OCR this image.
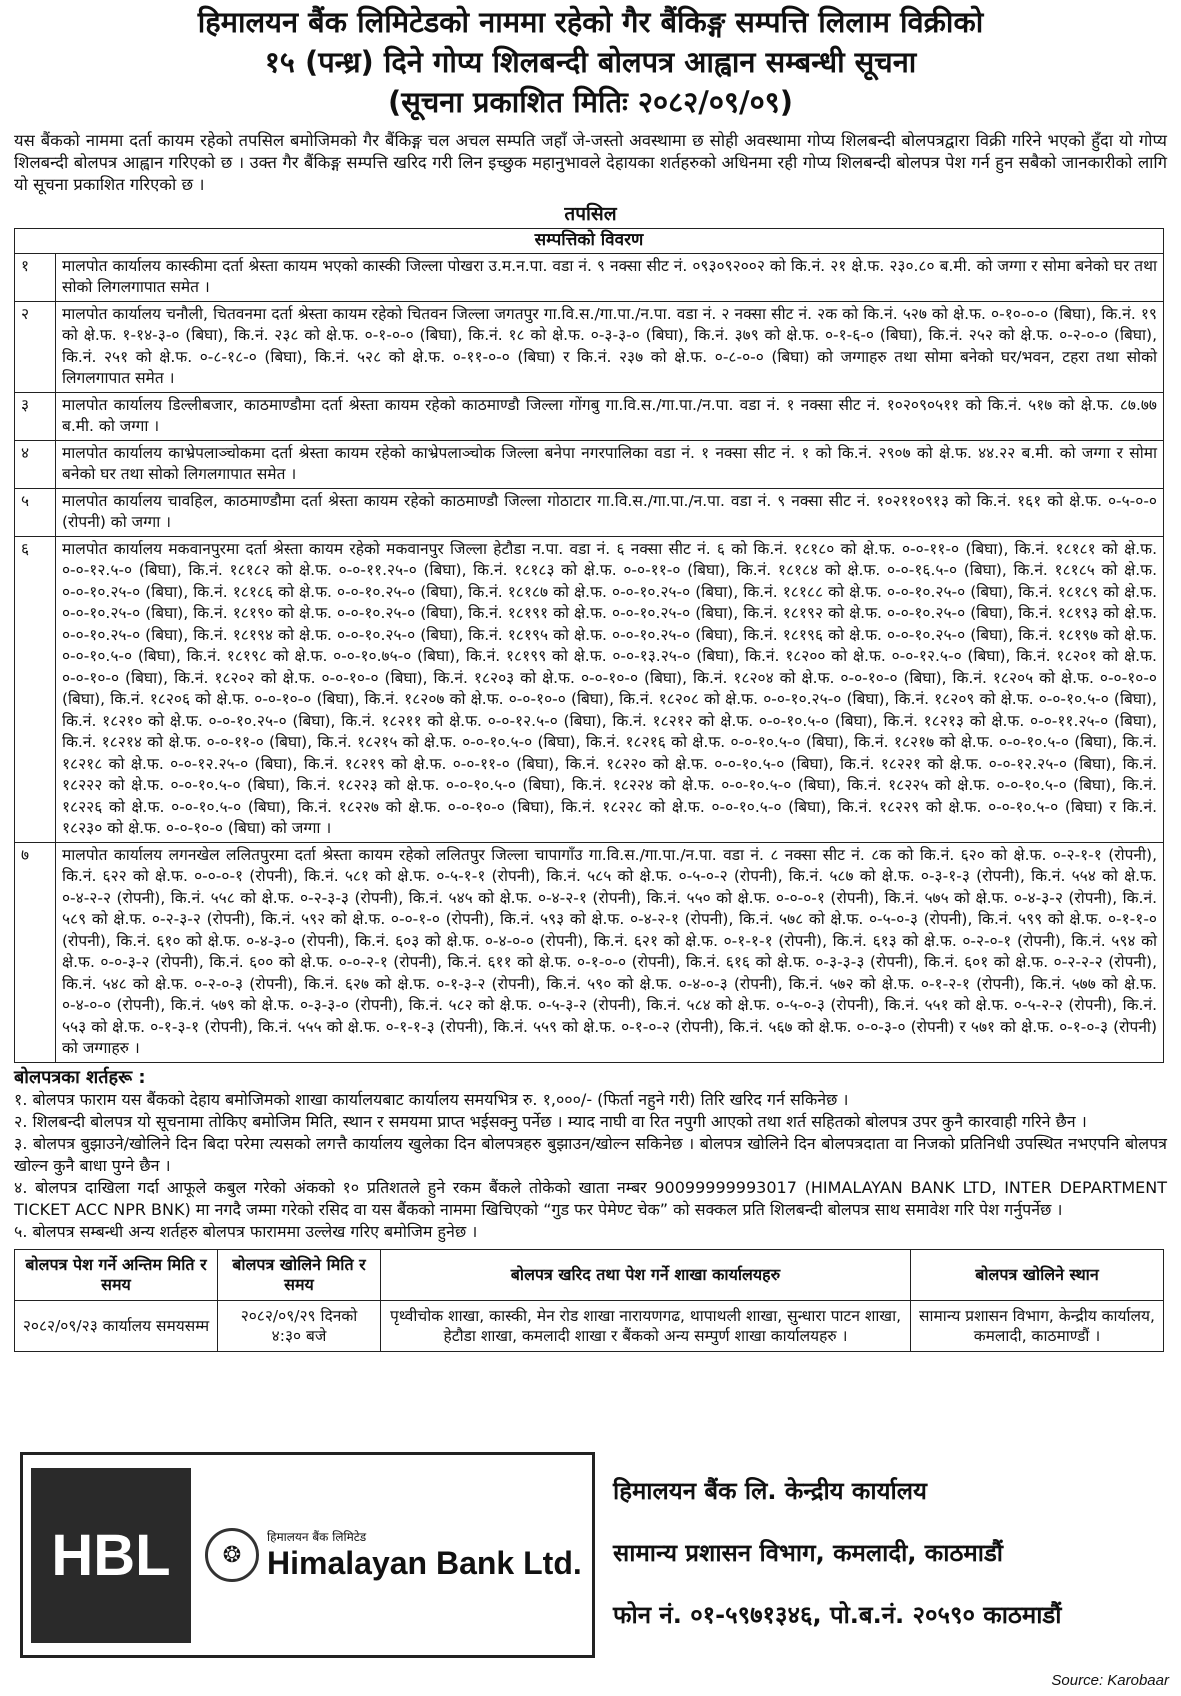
हिमालयन बैंक लिमिटेडको नाममा रहेको गैर बैंकिङ्ग सम्पत्ति लिलाम विक्रीको
१५ (पन्ध्र) दिने गोप्य शिलबन्दी बोलपत्र आह्वान सम्बन्धी सूचना
(सूचना प्रकाशित मितिः २०८२/०९/०९)
यस बैंकको नाममा दर्ता कायम रहेको तपसिल बमोजिमको गैर बैंकिङ्ग चल अचल सम्पति जहाँ जे-जस्तो अवस्थामा छ सोही अवस्थामा गोप्य शिलबन्दी बोलपत्रद्वारा विक्री गरिने भएको हुँदा यो गोप्य शिलबन्दी बोलपत्र आह्वान गरिएको छ । उक्त गैर बैंकिङ्ग सम्पत्ति खरिद गरी लिन इच्छुक महानुभावले देहायका शर्तहरुको अधिनमा रही गोप्य शिलबन्दी बोलपत्र पेश गर्न हुन सबैको जानकारीको लागि यो सूचना प्रकाशित गरिएको छ ।
तपसिल
सम्पत्तिको विवरण	
१	मालपोत कार्यालय कास्कीमा दर्ता श्रेस्ता कायम भएको कास्की जिल्ला पोखरा उ.म.न.पा. वडा नं. ९ नक्सा सीट नं. ०९३०९२००२ को कि.नं. २१ क्षे.फ. २३०.८० ब.मी. को जग्गा र सोमा बनेको घर तथा सोको लिगलगापात समेत ।
२	मालपोत कार्यालय चनौली, चितवनमा दर्ता श्रेस्ता कायम रहेको चितवन जिल्ला जगतपुर गा.वि.स./गा.पा./न.पा. वडा नं. २ नक्सा सीट नं. २क को कि.नं. ५२७ को क्षे.फ. ०-१०-०-० (बिघा), कि.नं. १९ को क्षे.फ. १-१४-३-० (बिघा), कि.नं. २३८ को क्षे.फ. ०-१-०-० (बिघा), कि.नं. १८ को क्षे.फ. ०-३-३-० (बिघा), कि.नं. ३७९ को क्षे.फ. ०-१-६-० (बिघा), कि.नं. २५२ को क्षे.फ. ०-२-०-० (बिघा), कि.नं. २५१ को क्षे.फ. ०-८-१८-० (बिघा), कि.नं. ५२८ को क्षे.फ. ०-११-०-० (बिघा) र कि.नं. २३७ को क्षे.फ. ०-८-०-० (बिघा) को जग्गाहरु तथा सोमा बनेको घर/भवन, टहरा तथा सोको लिगलगापात समेत ।
३	मालपोत कार्यालय डिल्लीबजार, काठमाण्डौमा दर्ता श्रेस्ता कायम रहेको काठमाण्डौ जिल्ला गोंगबु गा.वि.स./गा.पा./न.पा. वडा नं. १ नक्सा सीट नं. १०२०९०५११ को कि.नं. ५१७ को क्षे.फ. ८७.७७ ब.मी. को जग्गा ।
४	मालपोत कार्यालय काभ्रेपलाञ्चोकमा दर्ता श्रेस्ता कायम रहेको काभ्रेपलाञ्चोक जिल्ला बनेपा नगरपालिका वडा नं. १ नक्सा सीट नं. १ को कि.नं. २९०७ को क्षे.फ. ४४.२२ ब.मी. को जग्गा र सोमा बनेको घर तथा सोको लिगलगापात समेत ।
५	मालपोत कार्यालय चावहिल, काठमाण्डौमा दर्ता श्रेस्ता कायम रहेको काठमाण्डौ जिल्ला गोठाटार गा.वि.स./गा.पा./न.पा. वडा नं. ९ नक्सा सीट नं. १०२११०९१३ को कि.नं. १६१ को क्षे.फ. ०-५-०-० (रोपनी) को जग्गा ।
६	मालपोत कार्यालय मकवानपुरमा दर्ता श्रेस्ता कायम रहेको मकवानपुर जिल्ला हेटौडा न.पा. वडा नं. ६ नक्सा सीट नं. ६ को कि.नं. १८१८० को क्षे.फ. ०-०-११-० (बिघा), कि.नं. १८१८१ को क्षे.फ. ०-०-१२.५-० (बिघा), कि.नं. १८१८२ को क्षे.फ. ०-०-११.२५-० (बिघा), कि.नं. १८१८३ को क्षे.फ. ०-०-११-० (बिघा), कि.नं. १८१८४ को क्षे.फ. ०-०-१६.५-० (बिघा), कि.नं. १८१८५ को क्षे.फ. ०-०-१०.२५-० (बिघा), कि.नं. १८१८६ को क्षे.फ. ०-०-१०.२५-० (बिघा), कि.नं. १८१८७ को क्षे.फ. ०-०-१०.२५-० (बिघा), कि.नं. १८१८८ को क्षे.फ. ०-०-१०.२५-० (बिघा), कि.नं. १८१८९ को क्षे.फ. ०-०-१०.२५-० (बिघा), कि.नं. १८१९० को क्षे.फ. ०-०-१०.२५-० (बिघा), कि.नं. १८१९१ को क्षे.फ. ०-०-१०.२५-० (बिघा), कि.नं. १८१९२ को क्षे.फ. ०-०-१०.२५-० (बिघा), कि.नं. १८१९३ को क्षे.फ. ०-०-१०.२५-० (बिघा), कि.नं. १८१९४ को क्षे.फ. ०-०-१०.२५-० (बिघा), कि.नं. १८१९५ को क्षे.फ. ०-०-१०.२५-० (बिघा), कि.नं. १८१९६ को क्षे.फ. ०-०-१०.२५-० (बिघा), कि.नं. १८१९७ को क्षे.फ. ०-०-१०.५-० (बिघा), कि.नं. १८१९८ को क्षे.फ. ०-०-१०.७५-० (बिघा), कि.नं. १८१९९ को क्षे.फ. ०-०-१३.२५-० (बिघा), कि.नं. १८२०० को क्षे.फ. ०-०-१२.५-० (बिघा), कि.नं. १८२०१ को क्षे.फ. ०-०-१०-० (बिघा), कि.नं. १८२०२ को क्षे.फ. ०-०-१०-० (बिघा), कि.नं. १८२०३ को क्षे.फ. ०-०-१०-० (बिघा), कि.नं. १८२०४ को क्षे.फ. ०-०-१०-० (बिघा), कि.नं. १८२०५ को क्षे.फ. ०-०-१०-० (बिघा), कि.नं. १८२०६ को क्षे.फ. ०-०-१०-० (बिघा), कि.नं. १८२०७ को क्षे.फ. ०-०-१०-० (बिघा), कि.नं. १८२०८ को क्षे.फ. ०-०-१०.२५-० (बिघा), कि.नं. १८२०९ को क्षे.फ. ०-०-१०.५-० (बिघा), कि.नं. १८२१० को क्षे.फ. ०-०-१०.२५-० (बिघा), कि.नं. १८२११ को क्षे.फ. ०-०-१२.५-० (बिघा), कि.नं. १८२१२ को क्षे.फ. ०-०-१०.५-० (बिघा), कि.नं. १८२१३ को क्षे.फ. ०-०-११.२५-० (बिघा), कि.नं. १८२१४ को क्षे.फ. ०-०-११-० (बिघा), कि.नं. १८२१५ को क्षे.फ. ०-०-१०.५-० (बिघा), कि.नं. १८२१६ को क्षे.फ. ०-०-१०.५-० (बिघा), कि.नं. १८२१७ को क्षे.फ. ०-०-१०.५-० (बिघा), कि.नं. १८२१८ को क्षे.फ. ०-०-१२.२५-० (बिघा), कि.नं. १८२१९ को क्षे.फ. ०-०-११-० (बिघा), कि.नं. १८२२० को क्षे.फ. ०-०-१०.५-० (बिघा), कि.नं. १८२२१ को क्षे.फ. ०-०-१२.२५-० (बिघा), कि.नं. १८२२२ को क्षे.फ. ०-०-१०.५-० (बिघा), कि.नं. १८२२३ को क्षे.फ. ०-०-१०.५-० (बिघा), कि.नं. १८२२४ को क्षे.फ. ०-०-१०.५-० (बिघा), कि.नं. १८२२५ को क्षे.फ. ०-०-१०.५-० (बिघा), कि.नं. १८२२६ को क्षे.फ. ०-०-१०.५-० (बिघा), कि.नं. १८२२७ को क्षे.फ. ०-०-१०-० (बिघा), कि.नं. १८२२८ को क्षे.फ. ०-०-१०.५-० (बिघा), कि.नं. १८२२९ को क्षे.फ. ०-०-१०.५-० (बिघा) र कि.नं. १८२३० को क्षे.फ. ०-०-१०-० (बिघा) को जग्गा ।
७	मालपोत कार्यालय लगनखेल ललितपुरमा दर्ता श्रेस्ता कायम रहेको ललितपुर जिल्ला चापागाँउ गा.वि.स./गा.पा./न.पा. वडा नं. ८ नक्सा सीट नं. ८क को कि.नं. ६२० को क्षे.फ. ०-२-१-१ (रोपनी), कि.नं. ६२२ को क्षे.फ. ०-०-०-१ (रोपनी), कि.नं. ५८१ को क्षे.फ. ०-५-१-१ (रोपनी), कि.नं. ५८५ को क्षे.फ. ०-५-०-२ (रोपनी), कि.नं. ५८७ को क्षे.फ. ०-३-१-३ (रोपनी), कि.नं. ५५४ को क्षे.फ. ०-४-२-२ (रोपनी), कि.नं. ५५८ को क्षे.फ. ०-२-३-३ (रोपनी), कि.नं. ५४५ को क्षे.फ. ०-४-२-१ (रोपनी), कि.नं. ५५० को क्षे.फ. ०-०-०-१ (रोपनी), कि.नं. ५७५ को क्षे.फ. ०-४-३-२ (रोपनी), कि.नं. ५८९ को क्षे.फ. ०-२-३-२ (रोपनी), कि.नं. ५९२ को क्षे.फ. ०-०-१-० (रोपनी), कि.नं. ५९३ को क्षे.फ. ०-४-२-१ (रोपनी), कि.नं. ५७८ को क्षे.फ. ०-५-०-३ (रोपनी), कि.नं. ५९९ को क्षे.फ. ०-१-१-० (रोपनी), कि.नं. ६१० को क्षे.फ. ०-४-३-० (रोपनी), कि.नं. ६०३ को क्षे.फ. ०-४-०-० (रोपनी), कि.नं. ६२१ को क्षे.फ. ०-१-१-१ (रोपनी), कि.नं. ६१३ को क्षे.फ. ०-२-०-१ (रोपनी), कि.नं. ५९४ को क्षे.फ. ०-०-३-२ (रोपनी), कि.नं. ६०० को क्षे.फ. ०-०-२-१ (रोपनी), कि.नं. ६११ को क्षे.फ. ०-१-०-० (रोपनी), कि.नं. ६१६ को क्षे.फ. ०-३-३-३ (रोपनी), कि.नं. ६०१ को क्षे.फ. ०-२-२-२ (रोपनी), कि.नं. ५४८ को क्षे.फ. ०-२-०-३ (रोपनी), कि.नं. ६२७ को क्षे.फ. ०-१-३-२ (रोपनी), कि.नं. ५९० को क्षे.फ. ०-४-०-३ (रोपनी), कि.नं. ५७२ को क्षे.फ. ०-१-२-१ (रोपनी), कि.नं. ५७७ को क्षे.फ. ०-४-०-० (रोपनी), कि.नं. ५७९ को क्षे.फ. ०-३-३-० (रोपनी), कि.नं. ५८२ को क्षे.फ. ०-५-३-२ (रोपनी), कि.नं. ५८४ को क्षे.फ. ०-५-०-३ (रोपनी), कि.नं. ५५१ को क्षे.फ. ०-५-२-२ (रोपनी), कि.नं. ५५३ को क्षे.फ. ०-१-३-१ (रोपनी), कि.नं. ५५५ को क्षे.फ. ०-१-१-३ (रोपनी), कि.नं. ५५९ को क्षे.फ. ०-१-०-२ (रोपनी), कि.नं. ५६७ को क्षे.फ. ०-०-३-० (रोपनी) र ५७१ को क्षे.फ. ०-१-०-३ (रोपनी) को जग्गाहरु ।
बोलपत्रका शर्तहरू :
१. बोलपत्र फाराम यस बैंकको देहाय बमोजिमको शाखा कार्यालयबाट कार्यालय समयभित्र रु. १,०००/- (फिर्ता नहुने गरी) तिरि खरिद गर्न सकिनेछ ।
२. शिलबन्दी बोलपत्र यो सूचनामा तोकिए बमोजिम मिति, स्थान र समयमा प्राप्त भईसक्नु पर्नेछ । म्याद नाघी वा रित नपुगी आएको तथा शर्त सहितको बोलपत्र उपर कुनै कारवाही गरिने छैन ।
३. बोलपत्र बुझाउने/खोलिने दिन बिदा परेमा त्यसको लगत्तै कार्यालय खुलेका दिन बोलपत्रहरु बुझाउन/खोल्न सकिनेछ । बोलपत्र खोलिने दिन बोलपत्रदाता वा निजको प्रतिनिधी उपस्थित नभएपनि बोलपत्र खोल्न कुनै बाधा पुग्ने छैन ।
४. बोलपत्र दाखिला गर्दा आफूले कबुल गरेको अंकको १० प्रतिशतले हुने रकम बैंकले तोकेको खाता नम्बर 90099999993017 (HIMALAYAN BANK LTD, INTER DEPARTMENT TICKET ACC NPR BNK) मा नगदै जम्मा गरेको रसिद वा यस बैंकको नाममा खिचिएको “गुड फर पेमेण्ट चेक” को सक्कल प्रति शिलबन्दी बोलपत्र साथ समावेश गरि पेश गर्नुपर्नेछ ।
५. बोलपत्र सम्बन्धी अन्य शर्तहरु बोलपत्र फाराममा उल्लेख गरिए बमोजिम हुनेछ ।
बोलपत्र पेश गर्ने अन्तिम मिति र समय	बोलपत्र खोलिने मिति र समय	बोलपत्र खरिद तथा पेश गर्ने शाखा कार्यालयहरु	बोलपत्र खोलिने स्थान
२०८२/०९/२३ कार्यालय समयसम्म	२०८२/०९/२९ दिनको ४:३० बजे	पृथ्वीचोक शाखा, कास्की, मेन रोड शाखा नारायणगढ, थापाथली शाखा, सुन्धारा पाटन शाखा, हेटौडा शाखा, कमलादी शाखा र बैंकको अन्य सम्पुर्ण शाखा कार्यालयहरु ।	सामान्य प्रशासन विभाग, केन्द्रीय कार्यालय, कमलादी, काठमाण्डौं ।
HBL	❂
हिमालयन बैंक लिमिटेड
Himalayan Bank Ltd.
हिमालयन बैंक लि. केन्द्रीय कार्यालय
सामान्य प्रशासन विभाग, कमलादी, काठमाडौं
फोन नं. ०१-५९७१३४६, पो.ब.नं. २०५९० काठमाडौं
Source: Karobaar
